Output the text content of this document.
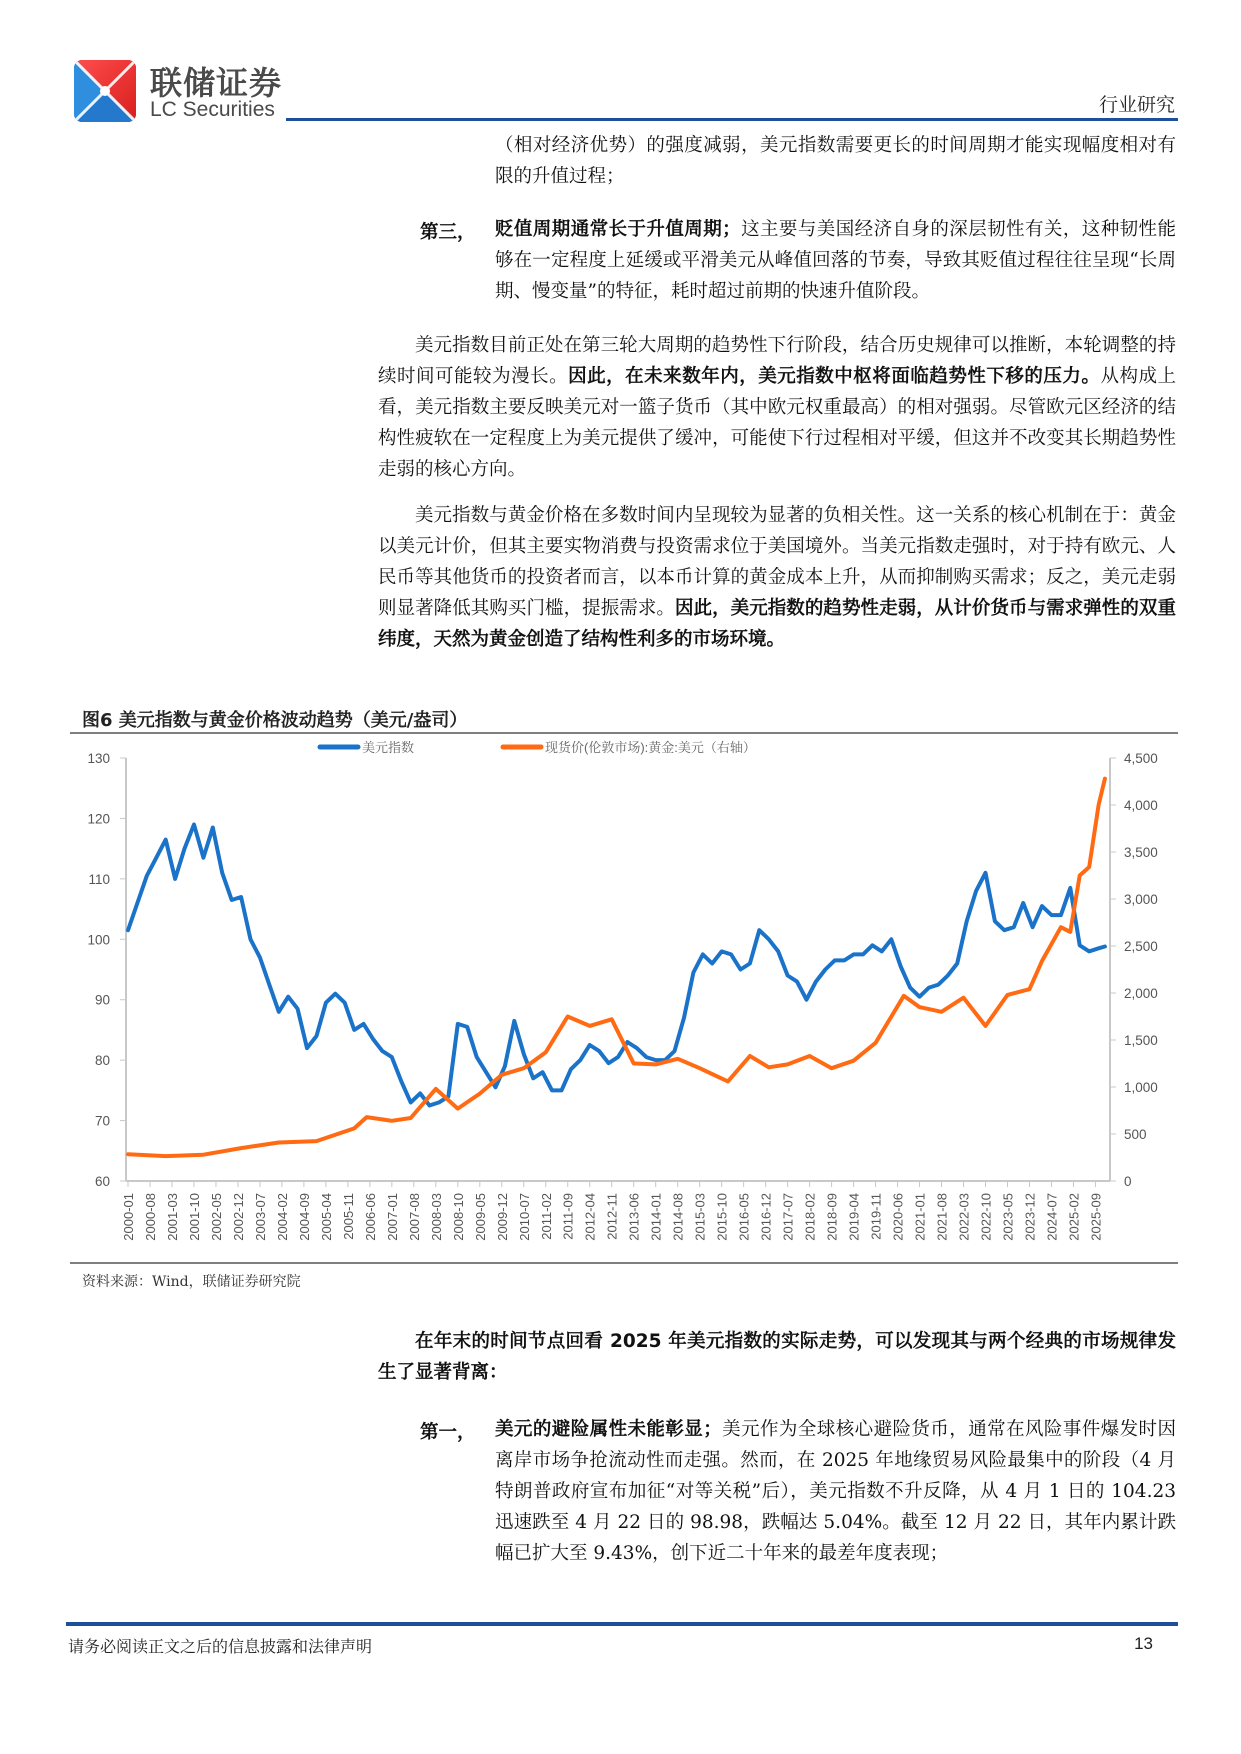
联储证券
LC Securities	行业研究
（相对经济优势）的强度减弱，美元指数需要更长的时间周期才能实现幅度相对有限的升值过程；
第三， 贬值周期通常长于升值周期；这主要与美国经济自身的深层韧性有关，这种韧性能够在一定程度上延缓或平滑美元从峰值回落的节奏，导致其贬值过程往往呈现“长周期、慢变量”的特征，耗时超过前期的快速升值阶段。
美元指数目前正处在第三轮大周期的趋势性下行阶段，结合历史规律可以推断，本轮调整的持续时间可能较为漫长。因此，在未来数年内，美元指数中枢将面临趋势性下移的压力。从构成上看，美元指数主要反映美元对一篮子货币（其中欧元权重最高）的相对强弱。尽管欧元区经济的结构性疲软在一定程度上为美元提供了缓冲，可能使下行过程相对平缓，但这并不改变其长期趋势性走弱的核心方向。
美元指数与黄金价格在多数时间内呈现较为显著的负相关性。这一关系的核心机制在于：黄金以美元计价，但其主要实物消费与投资需求位于美国境外。当美元指数走强时，对于持有欧元、人民币等其他货币的投资者而言，以本币计算的黄金成本上升，从而抑制购买需求；反之，美元走弱则显著降低其购买门槛，提振需求。因此，美元指数的趋势性走弱，从计价货币与需求弹性的双重纬度，天然为黄金创造了结构性利多的市场环境。
图6 美元指数与黄金价格波动趋势（美元/盎司）
美元指数	现货价(伦敦市场):黄金:美元（右轴）
60
70
80
90
100
110
120
130
0
500
1,000
1,500
2,000
2,500
3,000
3,500
4,000
4,500
2000-01 2000-08 2001-03 2001-10 2002-05 2002-12 2003-07 2004-02 2004-09 2005-04 2005-11 2006-06 2007-01 2007-08 2008-03 2008-10 2009-05 2009-12 2010-07 2011-02 2011-09 2012-04 2012-11 2013-06 2014-01 2014-08 2015-03 2015-10 2016-05 2016-12 2017-07 2018-02 2018-09 2019-04 2019-11 2020-06 2021-01 2021-08 2022-03 2022-10 2023-05 2023-12 2024-07 2025-02 2025-09
资料来源：Wind，联储证券研究院
在年末的时间节点回看 2025 年美元指数的实际走势，可以发现其与两个经典的市场规律发生了显著背离：
第一， 美元的避险属性未能彰显；美元作为全球核心避险货币，通常在风险事件爆发时因离岸市场争抢流动性而走强。然而，在 2025 年地缘贸易风险最集中的阶段（4 月特朗普政府宣布加征“对等关税”后），美元指数不升反降，从 4 月 1 日的 104.23 迅速跌至 4 月 22 日的 98.98，跌幅达 5.04%。截至 12 月 22 日，其年内累计跌幅已扩大至 9.43%，创下近二十年来的最差年度表现；
请务必阅读正文之后的信息披露和法律声明	13
